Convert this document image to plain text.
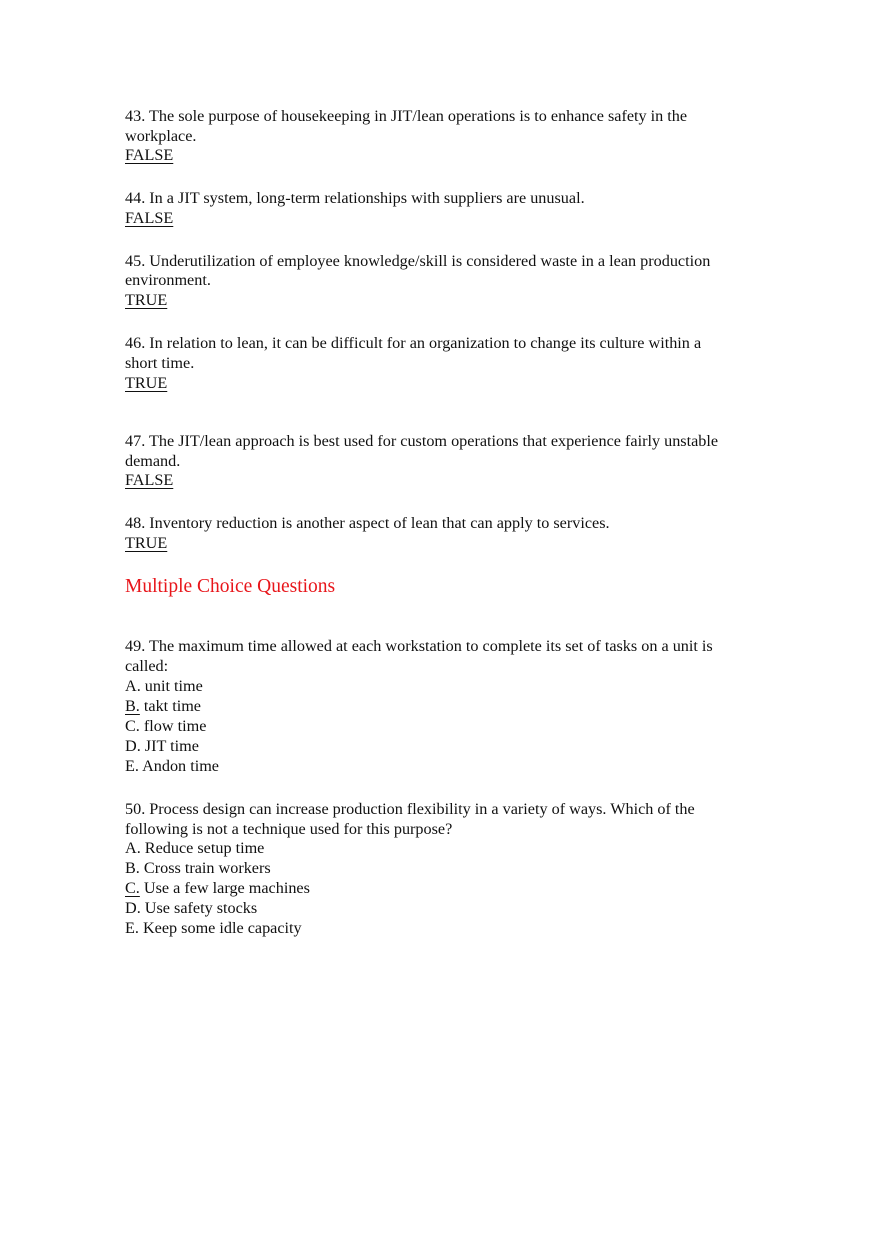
43. The sole purpose of housekeeping in JIT/lean operations is to enhance safety in the
workplace.
FALSE
44. In a JIT system, long-term relationships with suppliers are unusual.
FALSE
45. Underutilization of employee knowledge/skill is considered waste in a lean production
environment.
TRUE
46. In relation to lean, it can be difficult for an organization to change its culture within a
short time.
TRUE
47. The JIT/lean approach is best used for custom operations that experience fairly unstable
demand.
FALSE
48. Inventory reduction is another aspect of lean that can apply to services.
TRUE
Multiple Choice Questions
49. The maximum time allowed at each workstation to complete its set of tasks on a unit is
called:
A. unit time
B. takt time
C. flow time
D. JIT time
E. Andon time
50. Process design can increase production flexibility in a variety of ways. Which of the
following is not a technique used for this purpose?
A. Reduce setup time
B. Cross train workers
C. Use a few large machines
D. Use safety stocks
E. Keep some idle capacity
